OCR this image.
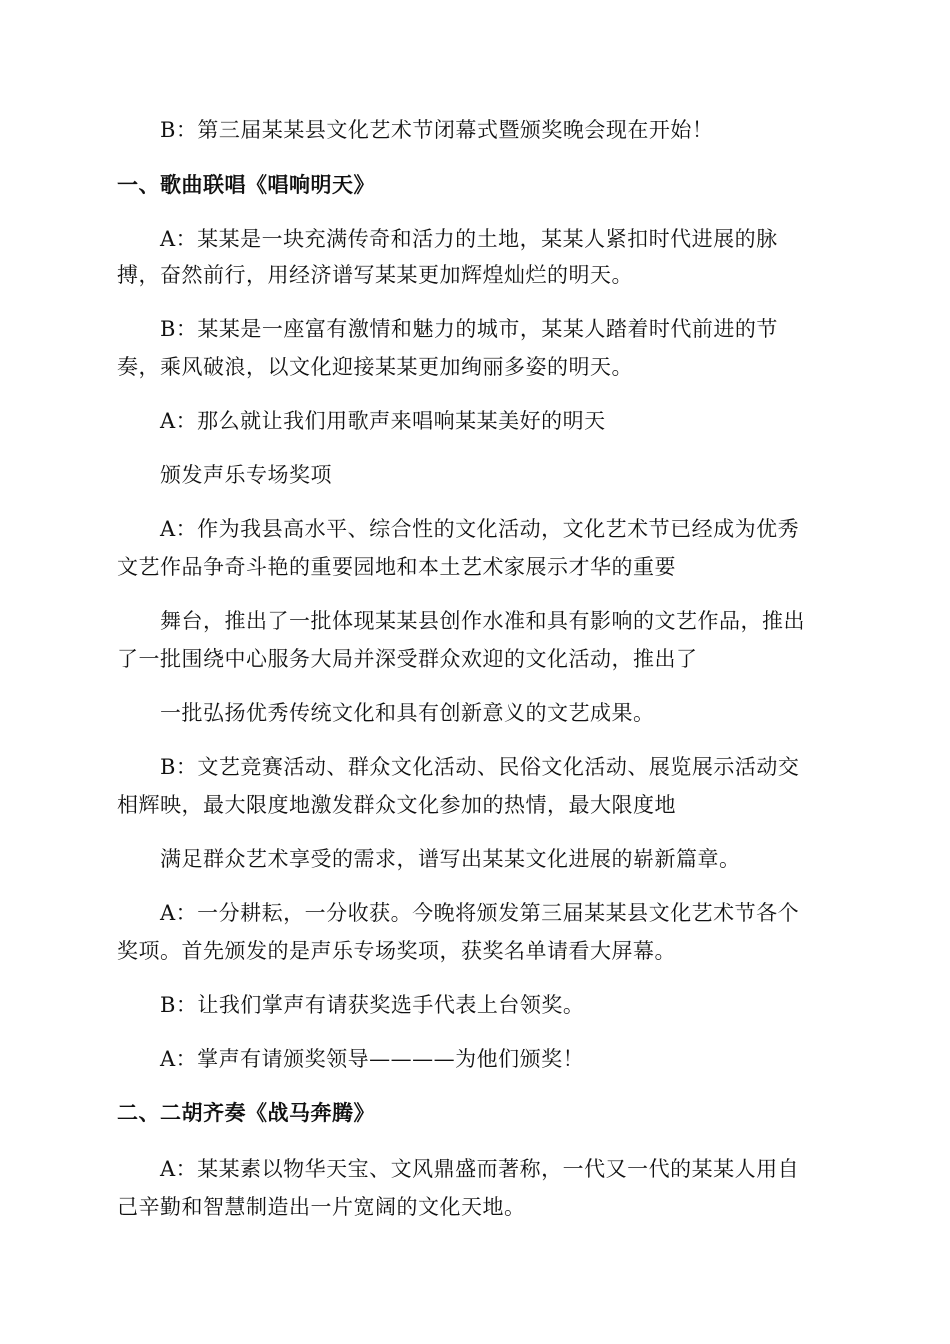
B：第三届某某县文化艺术节闭幕式暨颁奖晚会现在开始！
一、歌曲联唱《唱响明天》
A：某某是一块充满传奇和活力的土地，某某人紧扣时代进展的脉
搏，奋然前行，用经济谱写某某更加辉煌灿烂的明天。
B：某某是一座富有激情和魅力的城市，某某人踏着时代前进的节
奏，乘风破浪，以文化迎接某某更加绚丽多姿的明天。
A：那么就让我们用歌声来唱响某某美好的明天
颁发声乐专场奖项
A：作为我县高水平、综合性的文化活动，文化艺术节已经成为优秀
文艺作品争奇斗艳的重要园地和本土艺术家展示才华的重要
舞台，推出了一批体现某某县创作水准和具有影响的文艺作品，推出
了一批围绕中心服务大局并深受群众欢迎的文化活动，推出了
一批弘扬优秀传统文化和具有创新意义的文艺成果。
B：文艺竞赛活动、群众文化活动、民俗文化活动、展览展示活动交
相辉映，最大限度地激发群众文化参加的热情，最大限度地
满足群众艺术享受的需求，谱写出某某文化进展的崭新篇章。
A：一分耕耘，一分收获。今晚将颁发第三届某某县文化艺术节各个
奖项。首先颁发的是声乐专场奖项，获奖名单请看大屏幕。
B：让我们掌声有请获奖选手代表上台领奖。
A：掌声有请颁奖领导————为他们颁奖！
二、二胡齐奏《战马奔腾》
A：某某素以物华天宝、文风鼎盛而著称，一代又一代的某某人用自
己辛勤和智慧制造出一片宽阔的文化天地。
